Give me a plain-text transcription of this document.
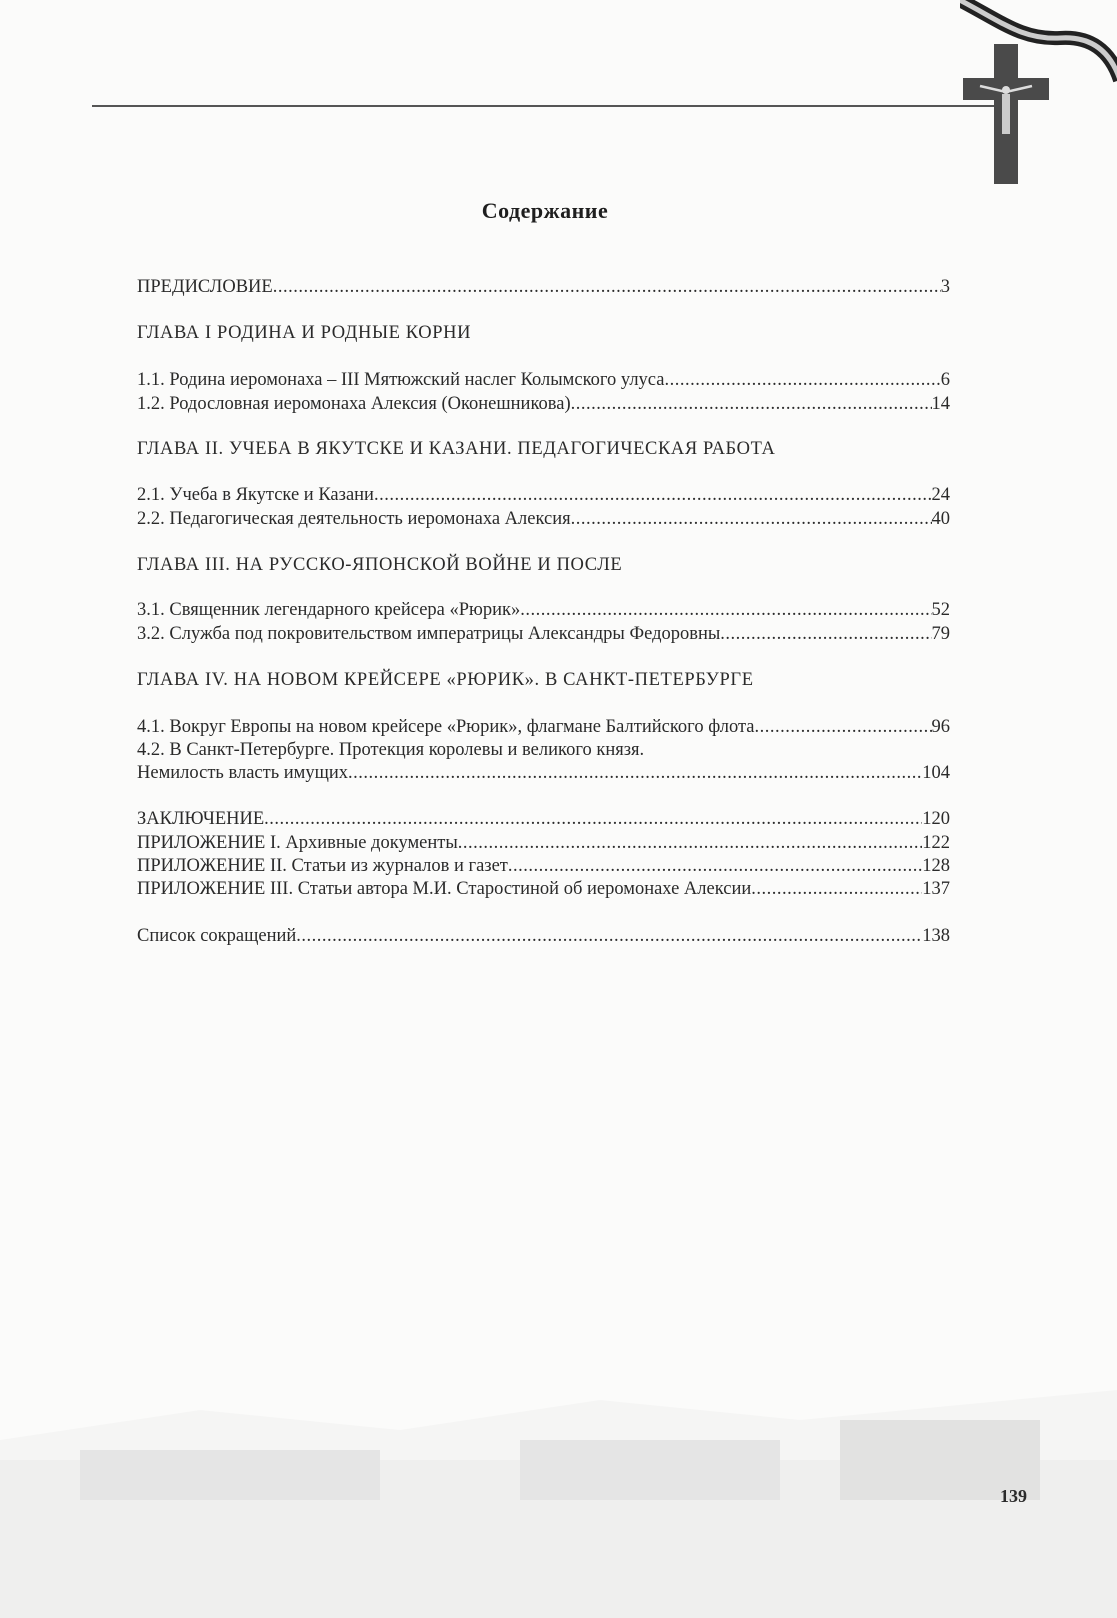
Содержание
ПРЕДИСЛОВИЕ .....	3
ГЛАВА I РОДИНА И РОДНЫЕ КОРНИ
1.1. Родина иеромонаха – III Мятюжский наслег Колымского улуса .....	6
1.2. Родословная иеромонаха Алексия (Оконешникова) .....	14
ГЛАВА II. УЧЕБА В ЯКУТСКЕ И КАЗАНИ. ПЕДАГОГИЧЕСКАЯ РАБОТА
2.1. Учеба в Якутске и Казани .....	24
2.2. Педагогическая деятельность иеромонаха Алексия .....	40
ГЛАВА III. НА РУССКО-ЯПОНСКОЙ ВОЙНЕ И ПОСЛЕ
3.1. Священник легендарного крейсера «Рюрик» .....	52
3.2. Служба под покровительством императрицы Александры Федоровны .....	79
ГЛАВА IV. НА НОВОМ КРЕЙСЕРЕ «РЮРИК». В САНКТ-ПЕТЕРБУРГЕ
4.1. Вокруг Европы на новом крейсере «Рюрик», флагмане Балтийского флота .....	96
4.2. В Санкт-Петербурге. Протекция королевы и великого князя.
Немилость власть имущих .....	104
ЗАКЛЮЧЕНИЕ .....	120
ПРИЛОЖЕНИЕ I. Архивные документы .....	122
ПРИЛОЖЕНИЕ II. Статьи из журналов и газет .....	128
ПРИЛОЖЕНИЕ III. Статьи автора М.И. Старостиной об иеромонахе Алексии .....	137
Список сокращений .....	138
139
